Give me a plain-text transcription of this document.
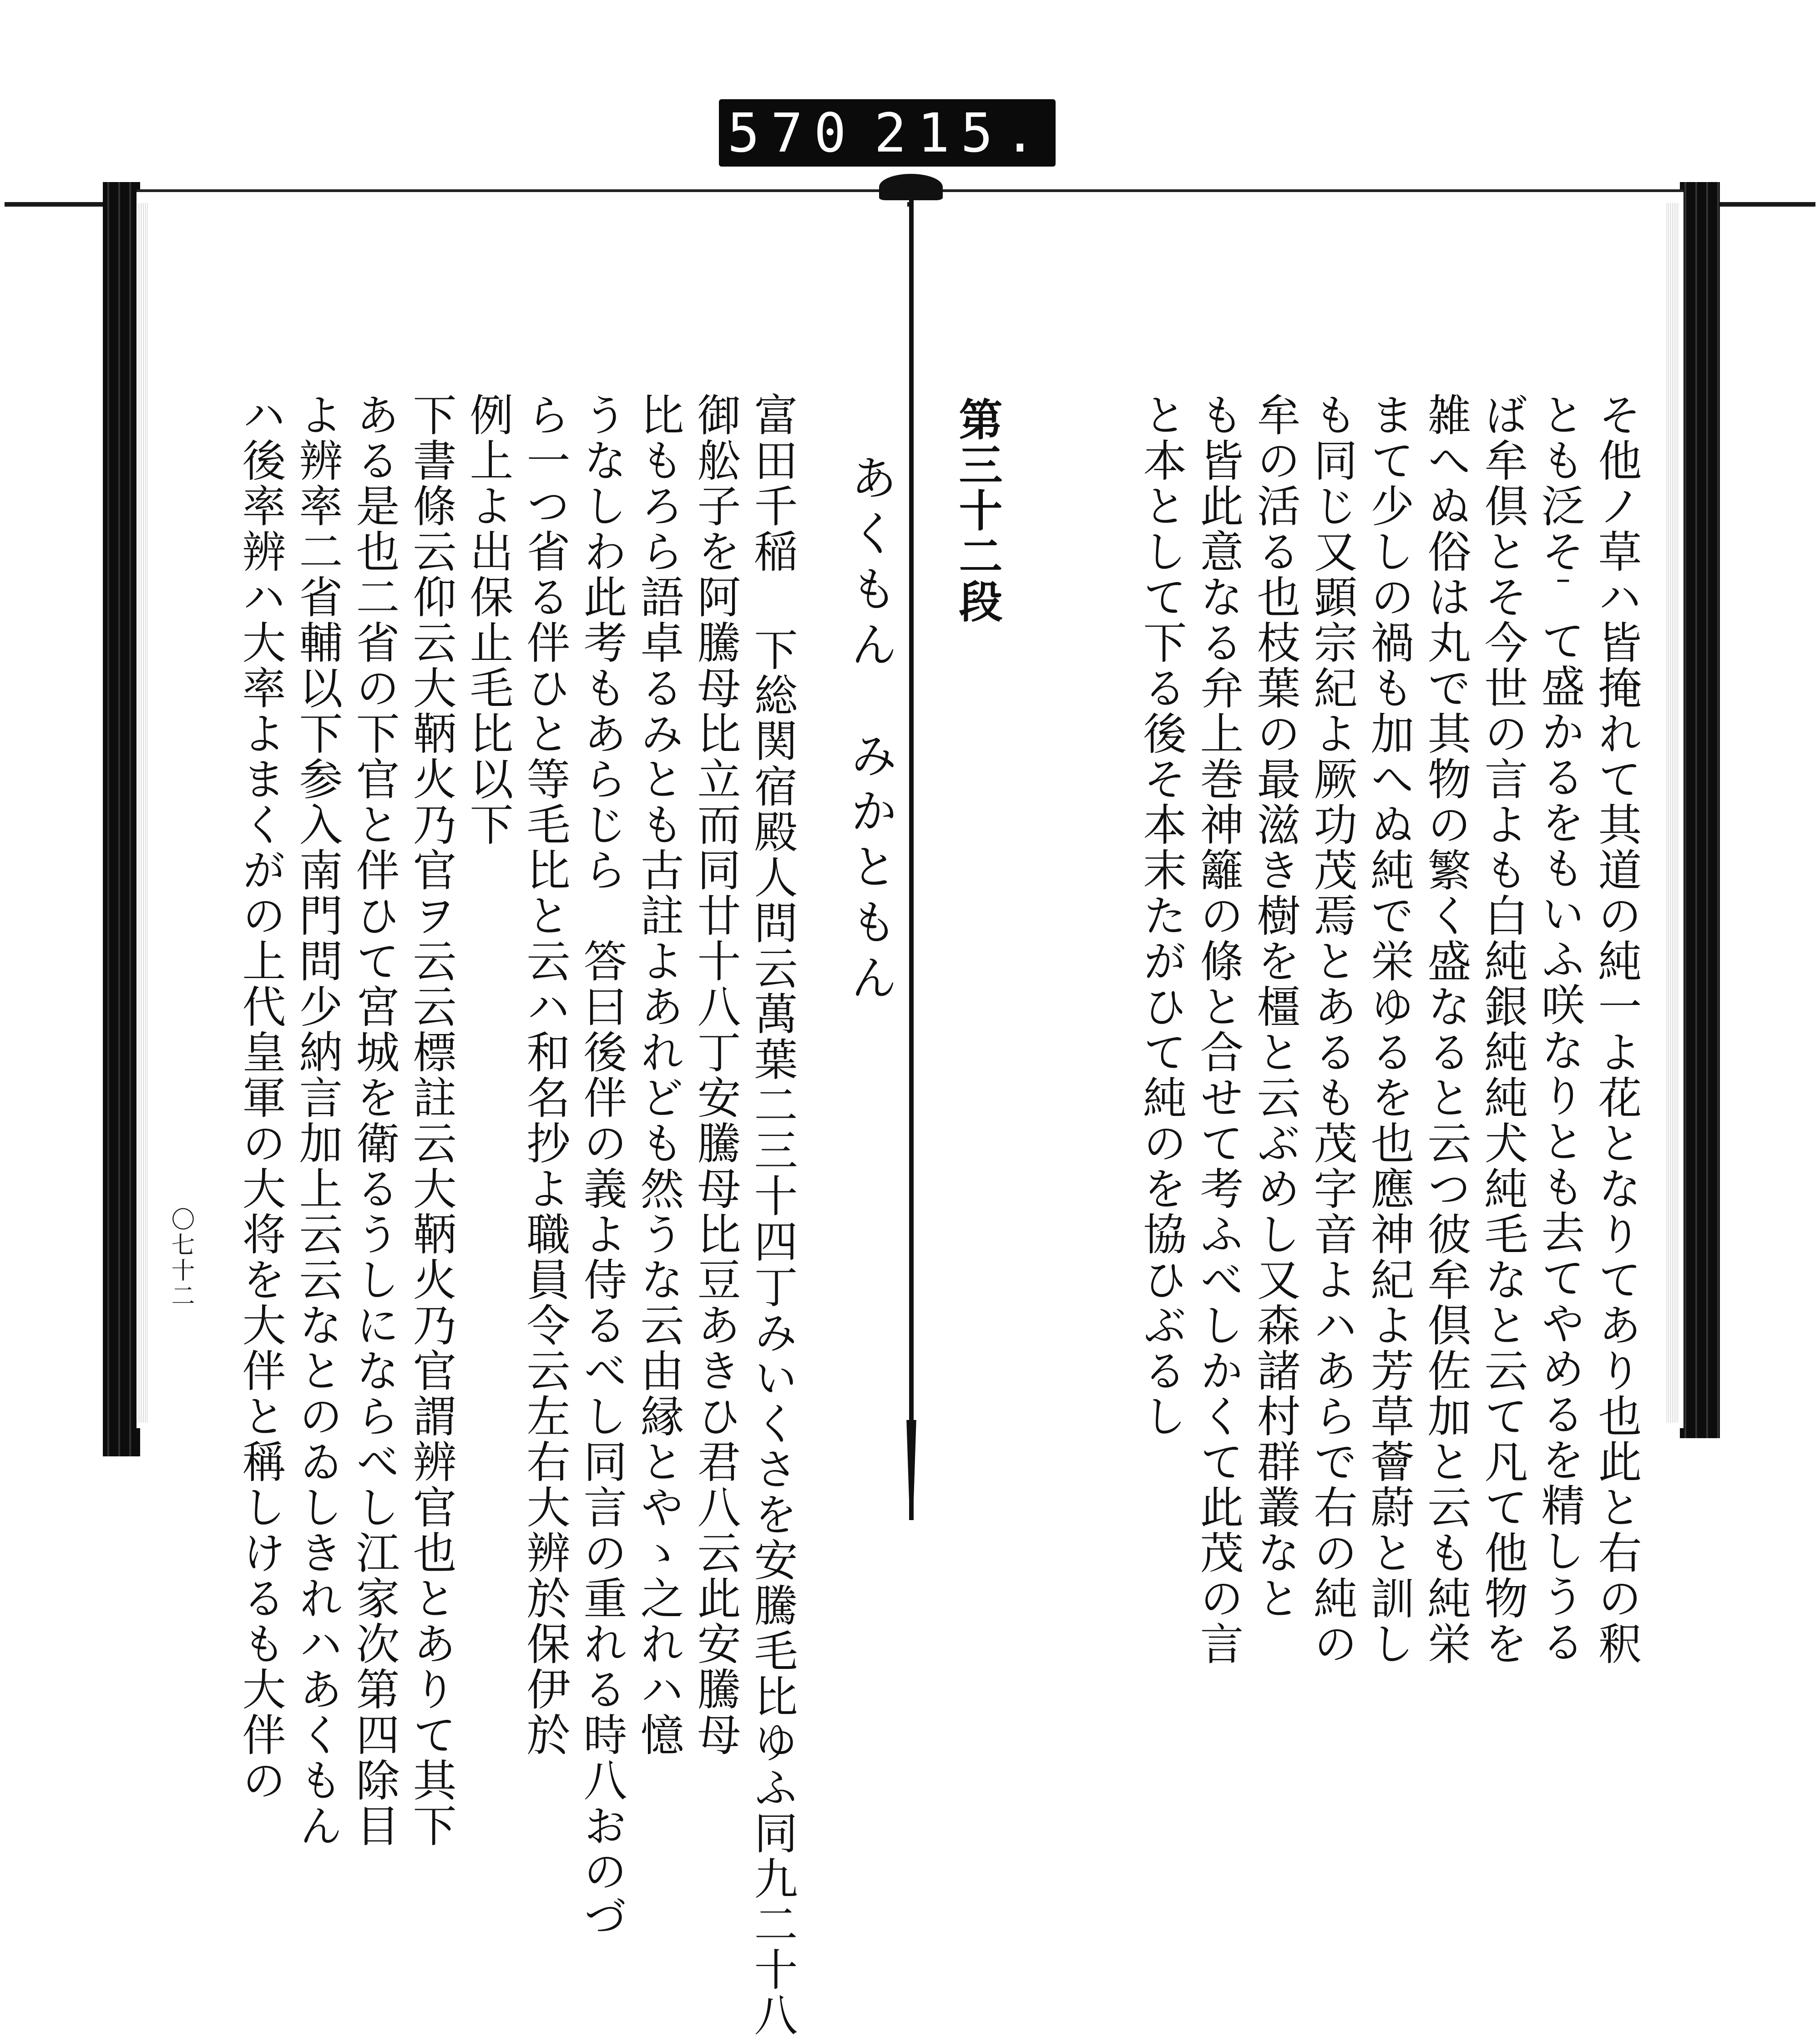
570 215.
あくもん　みかともん
富田千稲 下総関宿殿人問云萬葉二三十四丁みいくさを安騰毛比ゆふ同九二十八
御舩子を阿騰母比立而同廿十八丁安騰母比豆あきひ君八云此安騰母
比もろら語卓るみとも古註よあれども然うな云由縁とやゝ之れハ憶
うなしわ此考もあらじら　答曰後伴の義よ侍るべし同言の重れる時八おのづ
ら一つ省る伴ひと等毛比と云ハ和名抄よ職員令云左右大辨於保伊於
例上よ出保止毛比以下
下書條云仰云大鞆火乃官ヲ云云標註云大鞆火乃官謂辨官也とありて其下
ある是也二省の下官と伴ひて宮城を衛るうしにならべし江家次第四除目
よ辨率二省輔以下参入南門問少納言加上云云なとのゐしきれハあくもん
ハ後率辨ハ大率よまくがの上代皇軍の大将を大伴と稱しけるも大伴の
〇七十二	そ他ノ草ハ皆掩れて其道の純一よ花となりてあり也此と右の釈
とも泛そ̄て盛かるをもいふ咲なりとも去てやめるを精しうる
ば牟倶とそ今世の言よも白純銀純純犬純毛なと云て凡て他物を
雑へぬ俗は丸で其物の繁く盛なると云つ彼牟倶佐加と云も純栄
まて少しの禍も加へぬ純で栄ゆるを也應神紀よ芳草薈蔚と訓し
も同じ又顕宗紀よ厥功茂焉とあるも茂字音よハあらで右の純の
牟の活る也枝葉の最滋き樹を橿と云ぶめし又森諸村群叢なと
も皆此意なる弁上巻神籬の條と合せて考ふべしかくて此茂の言
と本として下る後そ本末たがひて純のを協ひぶるし
第三十二段
